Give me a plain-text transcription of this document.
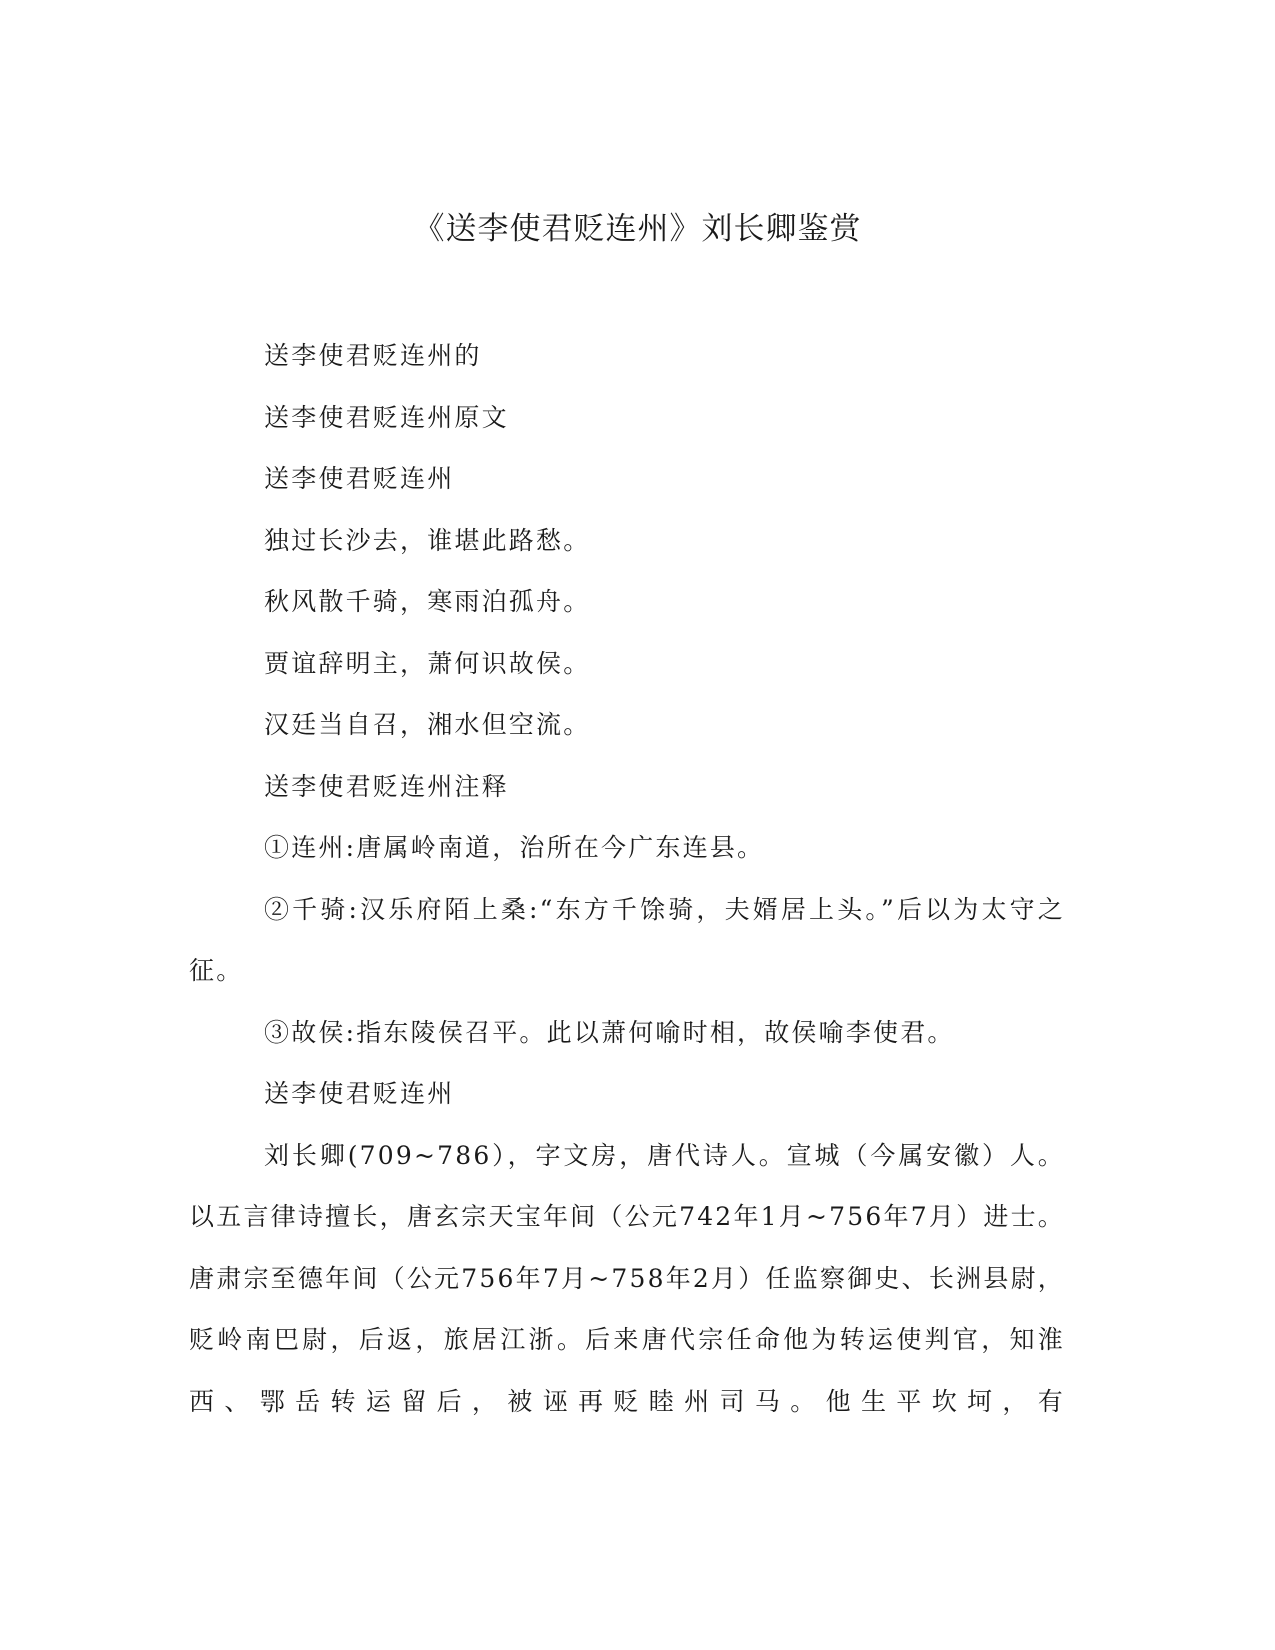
《送李使君贬连州》刘长卿鉴赏

送李使君贬连州的

送李使君贬连州原文

送李使君贬连州

独过长沙去，谁堪此路愁。

秋风散千骑，寒雨泊孤舟。

贾谊辞明主，萧何识故侯。

汉廷当自召，湘水但空流。

送李使君贬连州注释

①连州:唐属岭南道，治所在今广东连县。

②千骑:汉乐府陌上桑:“东方千馀骑，夫婿居上头。”后以为太守之征。

③故侯:指东陵侯召平。此以萧何喻时相，故侯喻李使君。

送李使君贬连州

刘长卿(709~786），字文房，唐代诗人。宣城（今属安徽）人。以五言律诗擅长，唐玄宗天宝年间（公元742年1月~756年7月）进士。唐肃宗至德年间（公元756年7月~758年2月）任监察御史、长洲县尉，贬岭南巴尉，后返，旅居江浙。后来唐代宗任命他为转运使判官，知淮西、鄂岳转运留后，被诬再贬睦州司马。他生平坎坷，有
